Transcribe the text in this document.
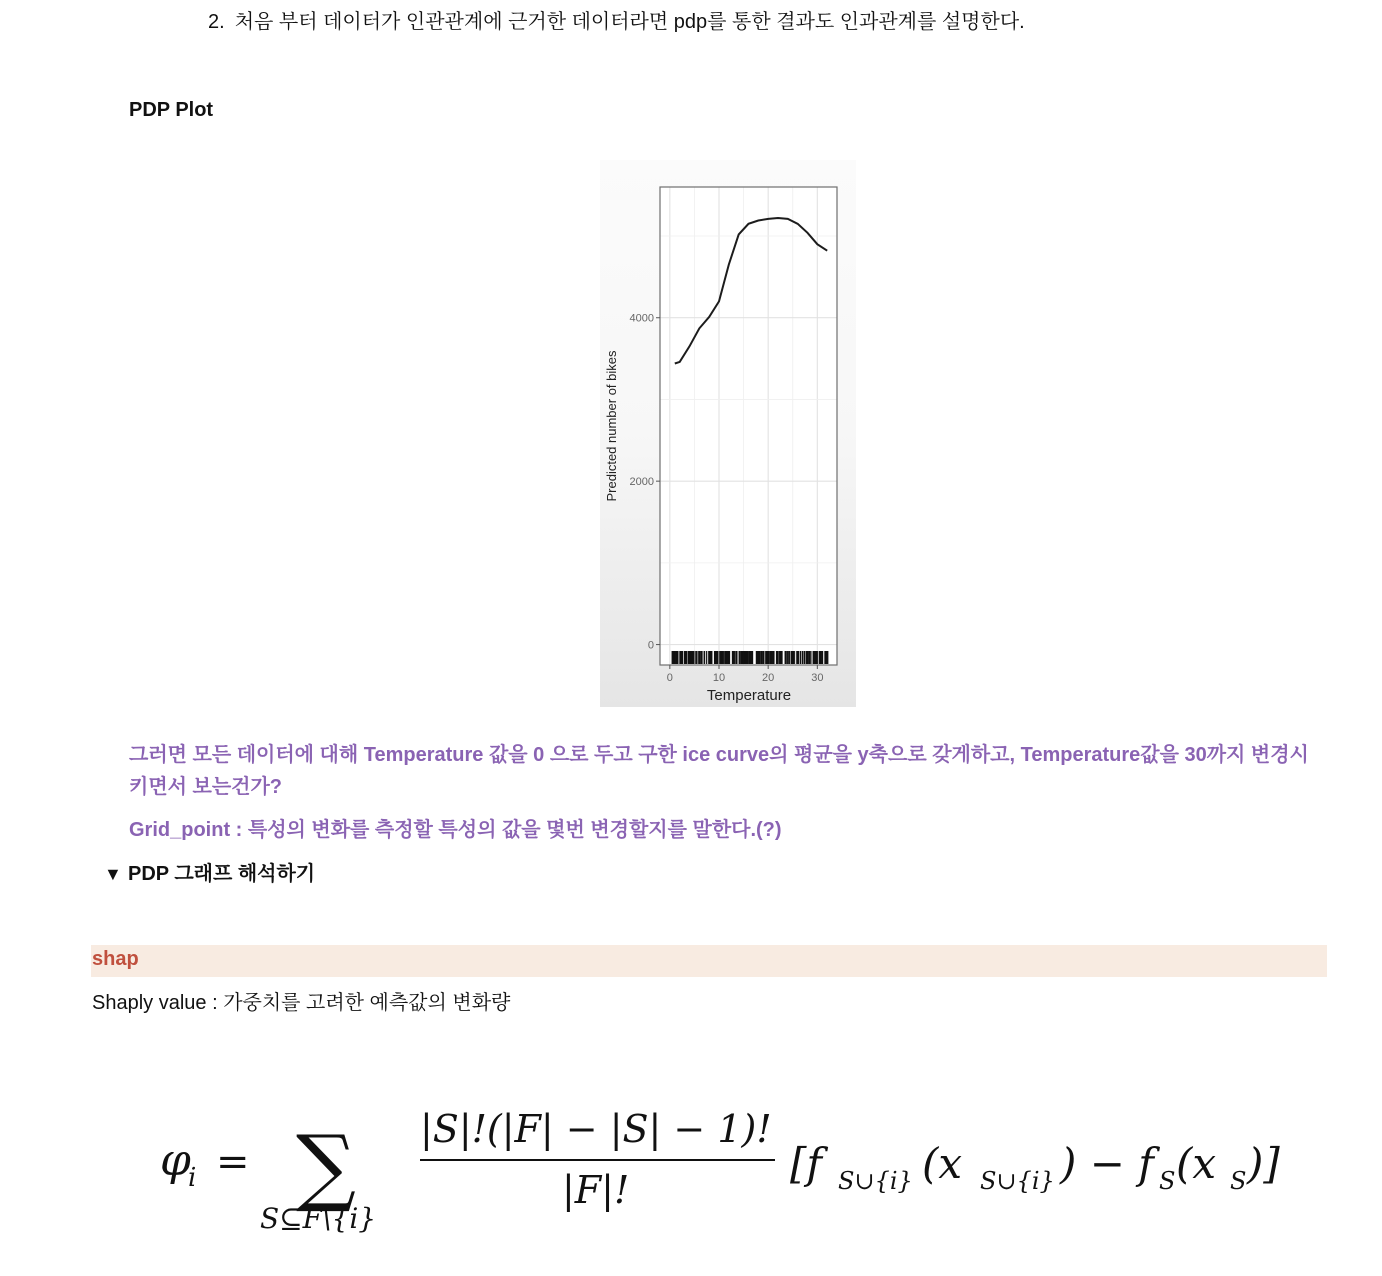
2. 처음 부터 데이터가 인관관계에 근거한 데이터라면 pdp를 통한 결과도 인과관계를 설명한다.
PDP Plot
0	10	20	30
0
2000
4000
Temperature
Predicted number of bikes
그러면 모든 데이터에 대해 Temperature 값을 0 으로 두고 구한 ice curve의 평균을 y축으로 갖게하고, Temperature값을 30까지 변경시키면서 보는건가?
Grid_point : 특성의 변화를 측정할 특성의 값을 몇번 변경할지를 말한다.(?)
▼ PDP 그래프 해석하기
shap
Shaply value : 가중치를 고려한 예측값의 변화량
φ
i = ∑
S⊆F\{i}
|S|!(|F| − |S| − 1)!
|F|!
[f S∪{i} (x S∪{i} ) − f S (x S )]
